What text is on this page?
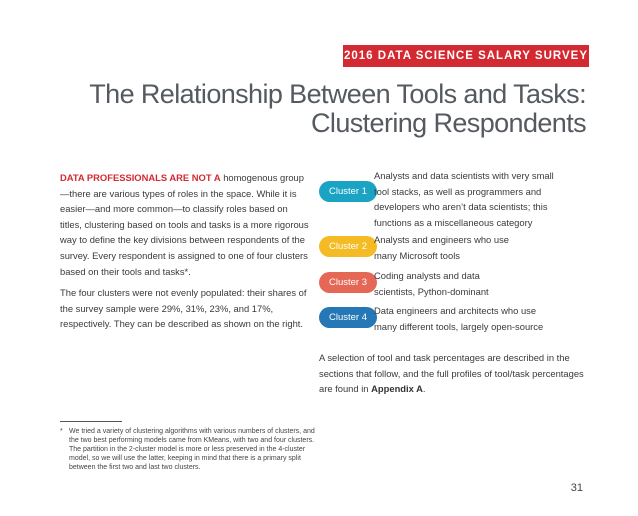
2016 DATA SCIENCE SALARY SURVEY
The Relationship Between Tools and Tasks:
Clustering Respondents

DATA PROFESSIONALS ARE NOT A homogenous group—there are various types of roles in the space. While it is easier—and more common—to classify roles based on titles, clustering based on tools and tasks is a more rigorous way to define the key divisions between respondents of the survey. Every respondent is assigned to one of four clusters based on their tools and tasks*.

The four clusters were not evenly populated: their shares of the survey sample were 29%, 31%, 23%, and 17%, respectively. They can be described as shown on the right.

Cluster 1
Analysts and data scientists with very small
tool stacks, as well as programmers and
developers who aren’t data scientists; this
functions as a miscellaneous category
Cluster 2
Analysts and engineers who use
many Microsoft tools
Cluster 3
Coding analysts and data
scientists, Python-dominant
Cluster 4
Data engineers and architects who use
many different tools, largely open-source
A selection of tool and task percentages are described in the sections that follow, and the full profiles of tool/task percentages are found in Appendix A.
* We tried a variety of clustering algorithms with various numbers of clusters, and the two best performing models came from KMeans, with two and four clusters. The partition in the 2-cluster model is more or less preserved in the 4-cluster model, so we will use the latter, keeping in mind that there is a primary split between the first two and last two clusters.
31
